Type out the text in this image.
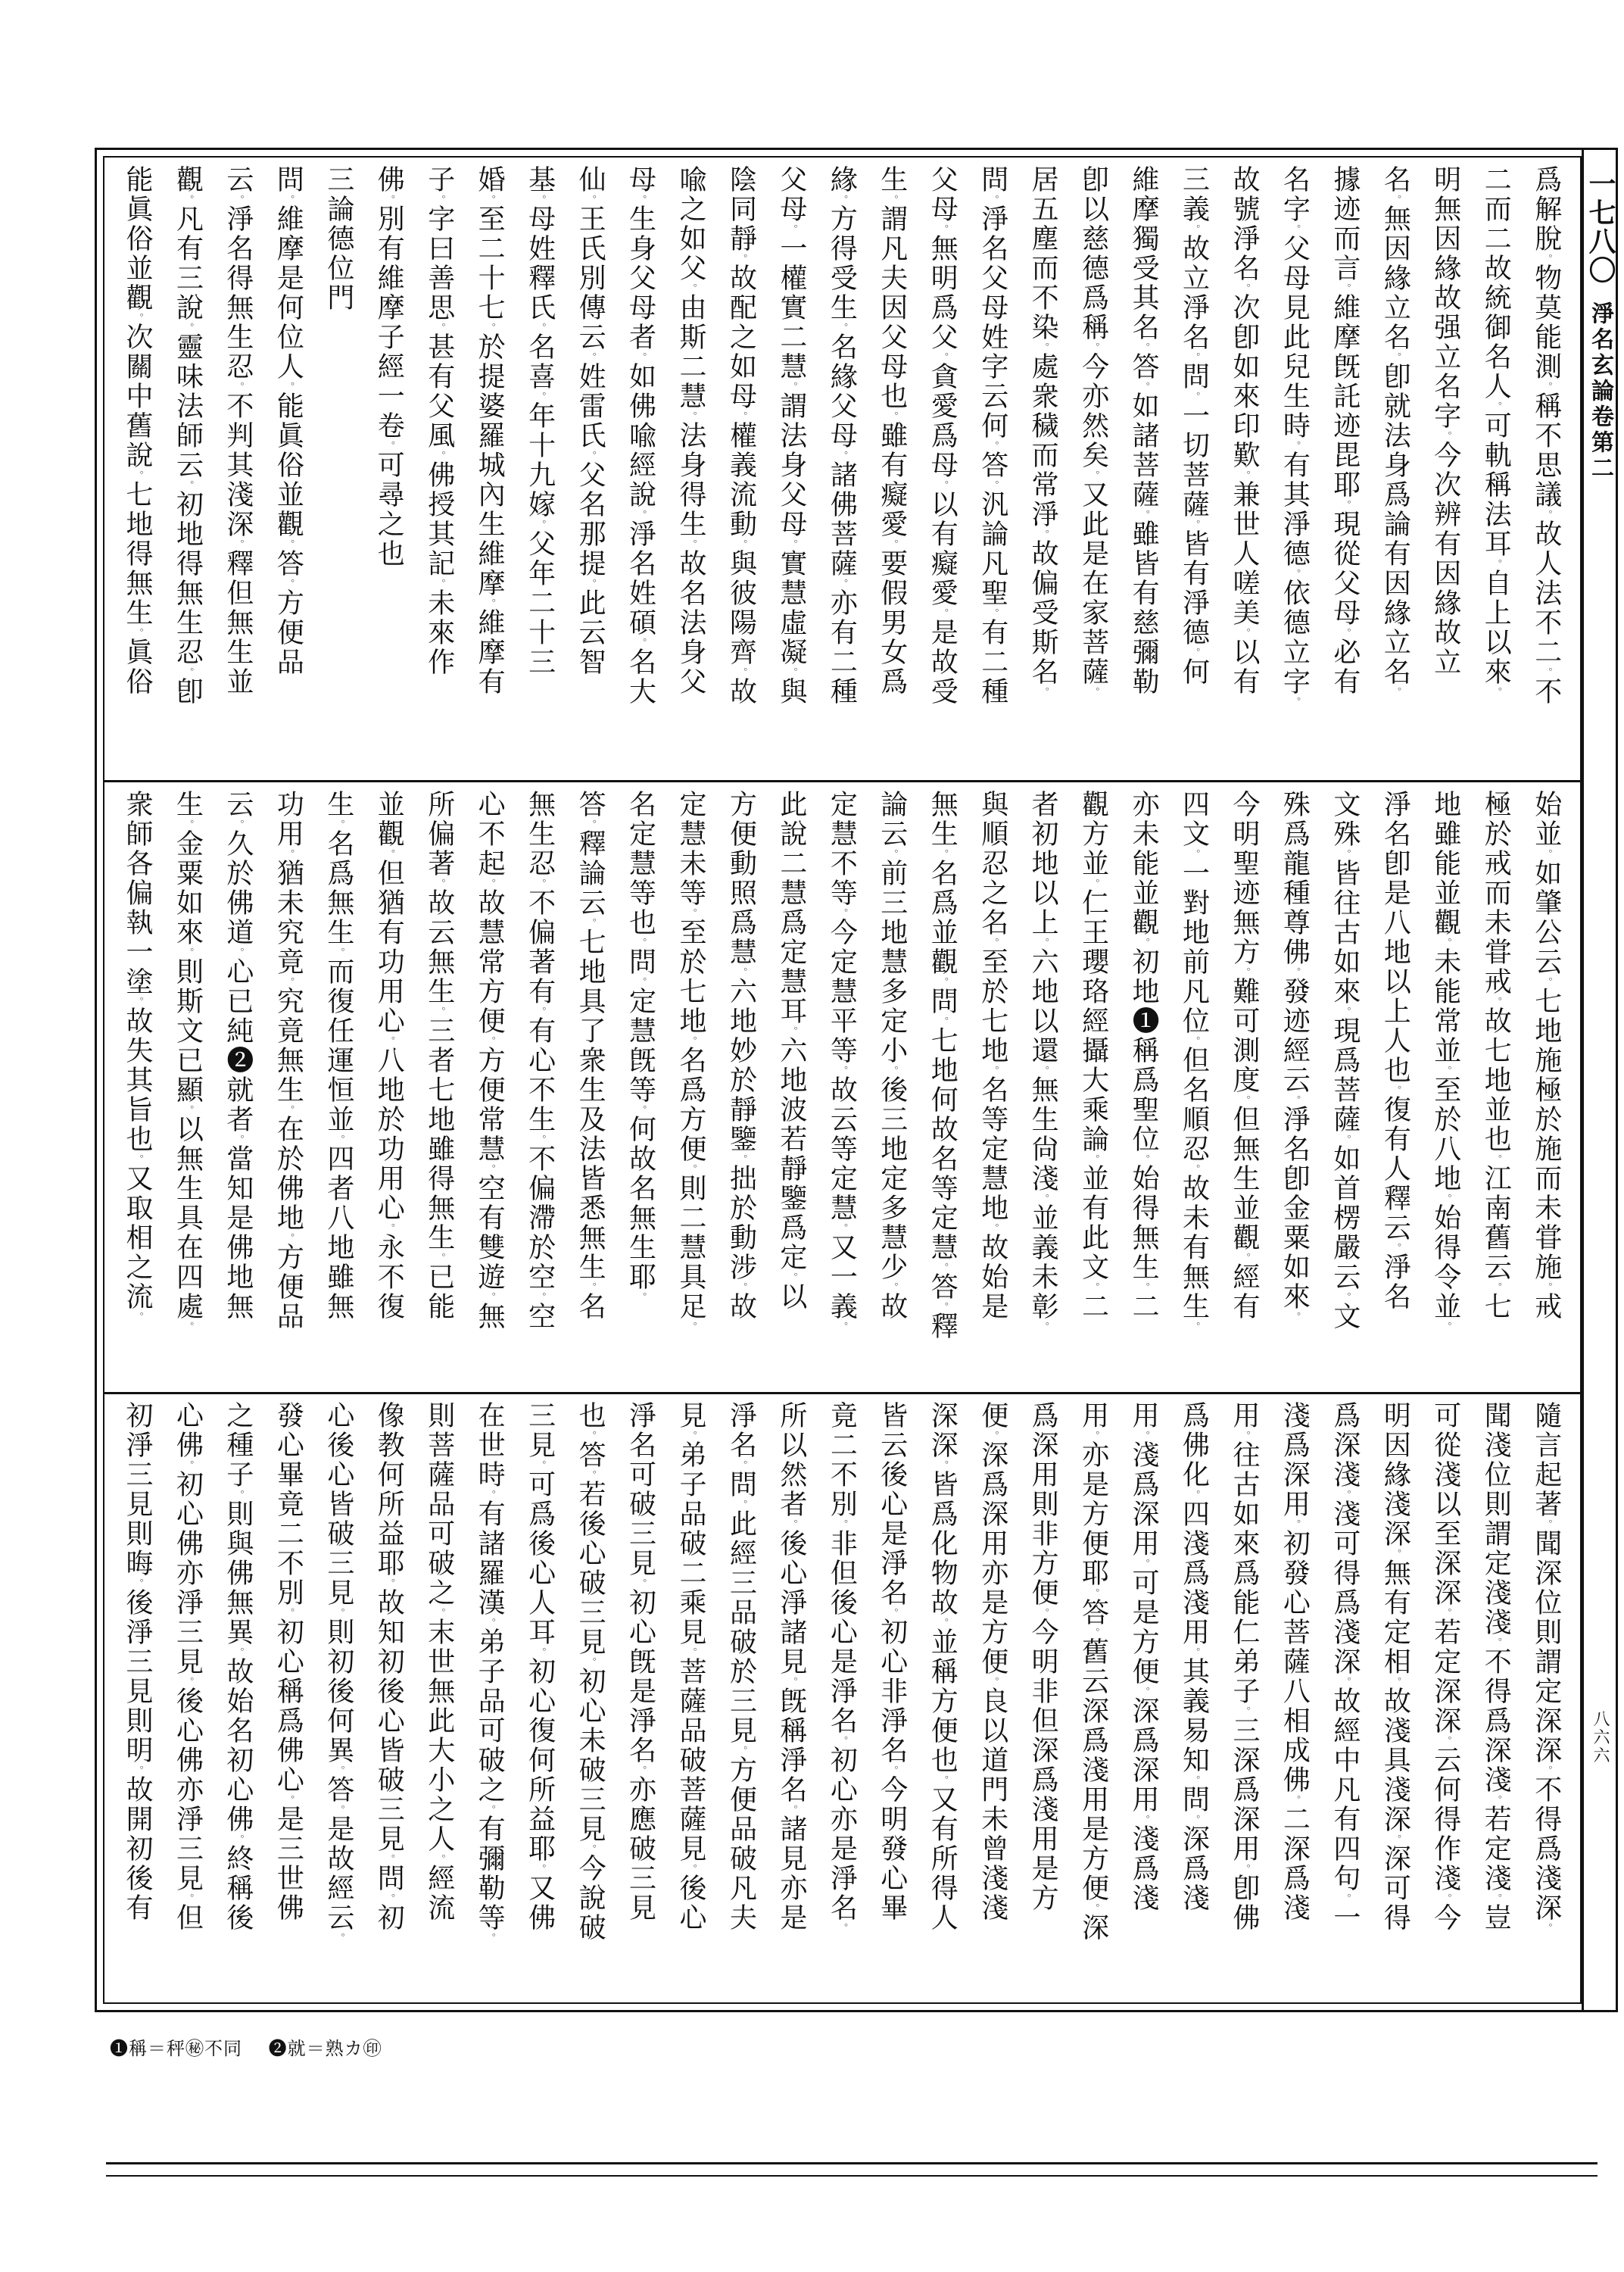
爲解脫。物莫能測。稱不思議。故人法不二。不
二而二故統御名人。可軌稱法耳。自上以來。
明無因緣故强立名字。今次辨有因緣故立
名。無因緣立名。卽就法身爲論有因緣立名。
據迹而言。維摩旣託迹毘耶。現從父母。必有
名字。父母見此兒生時。有其淨德。依德立字。
故號淨名。次卽如來印歎。兼世人嗟美。以有
三義。故立淨名。問。一切菩薩。皆有淨德。何
維摩獨受其名。答。如諸菩薩。雖皆有慈彌勒
卽以慈德爲稱。今亦然矣。又此是在家菩薩。
居五塵而不染。處衆穢而常淨。故偏受斯名。
問。淨名父母姓字云何。答。汎論凡聖。有二種
父母。無明爲父。貪愛爲母。以有癡愛。是故受
生。謂凡夫因父母也。雖有癡愛。要假男女爲
緣。方得受生。名緣父母。諸佛菩薩。亦有二種
父母。一權實二慧。謂法身父母。實慧虛凝。與
陰同靜。故配之如母。權義流動。與彼陽齊。故
喩之如父。由斯二慧。法身得生。故名法身父
母。生身父母者。如佛喩經說。淨名姓碩。名大
仙。王氏別傳云。姓雷氏。父名那提。此云智
基。母姓釋氏。名喜。年十九嫁。父年二十三
婚。至二十七。於提婆羅城內生維摩。維摩有
子。字曰善思。甚有父風。佛授其記。未來作
佛。別有維摩子經一卷。可尋之也
三論德位門
問。維摩是何位人。能眞俗並觀。答。方便品
云。淨名得無生忍。不判其淺深。釋但無生並
觀。凡有三說。靈味法師云。初地得無生忍。卽
能眞俗並觀。次關中舊說。七地得無生。眞俗
始並。如肇公云。七地施極於施而未甞施。戒
極於戒而未甞戒。故七地並也。江南舊云。七
地雖能並觀。未能常並。至於八地。始得令並。
淨名卽是八地以上人也。復有人釋云。淨名
文殊。皆往古如來。現爲菩薩。如首楞嚴云。文
殊爲龍種尊佛。發迹經云。淨名卽金粟如來。
今明聖迹無方。難可測度。但無生並觀。經有
四文。一對地前凡位。但名順忍。故未有無生。
亦未能並觀。初地❶稱爲聖位。始得無生。二
觀方並。仁王瓔珞經攝大乘論。並有此文。二
者初地以上。六地以還。無生尙淺。並義未彰。
與順忍之名。至於七地。名等定慧地。故始是
無生。名爲並觀。問。七地何故名等定慧。答。釋
論云。前三地慧多定小。後三地定多慧少。故
定慧不等。今定慧平等。故云等定慧。又一義。
此說二慧爲定慧耳。六地波若靜鑒爲定。以
方便動照爲慧。六地妙於靜鑒。拙於動涉。故
定慧未等。至於七地。名爲方便。則二慧具足。
名定慧等也。問。定慧旣等。何故名無生耶。
答。釋論云。七地具了衆生及法皆悉無生。名
無生忍。不偏著有。有心不生。不偏滯於空。空
心不起。故慧常方便。方便常慧。空有雙遊。無
所偏著。故云無生。三者七地雖得無生。已能
並觀。但猶有功用心。八地於功用心。永不復
生。名爲無生。而復任運恒並。四者八地雖無
功用。猶未究竟。究竟無生。在於佛地。方便品
云。久於佛道。心已純❷就者。當知是佛地無
生。金粟如來。則斯文已顯。以無生具在四處。
衆師各偏執一塗。故失其旨也。又取相之流。
隨言起著。聞深位則謂定深深。不得爲淺深。
聞淺位則謂定淺淺。不得爲深淺。若定淺。豈
可從淺以至深深。若定深深。云何得作淺。今
明因緣淺深。無有定相。故淺具淺深。深可得
爲深淺。淺可得爲淺深。故經中凡有四句。一
淺爲深用。初發心菩薩八相成佛。二深爲淺
用。往古如來爲能仁弟子。三深爲深用。卽佛
爲佛化。四淺爲淺用。其義易知。問。深爲淺
用。淺爲深用。可是方便。深爲深用。淺爲淺
用。亦是方便耶。答。舊云深爲淺用是方便。深
爲深用則非方便。今明非但深爲淺用是方
便。深爲深用亦是方便。良以道門未曾淺淺
深深。皆爲化物故。並稱方便也。又有所得人
皆云後心是淨名。初心非淨名。今明發心畢
竟二不別。非但後心是淨名。初心亦是淨名。
所以然者。後心淨諸見。旣稱淨名。諸見亦是
淨名。問。此經三品破於三見。方便品破凡夫
見。弟子品破二乘見。菩薩品破菩薩見。後心
淨名可破三見。初心旣是淨名。亦應破三見
也。答。若後心破三見。初心未破三見。今說破
三見。可爲後心人耳。初心復何所益耶。又佛
在世時。有諸羅漢。弟子品可破之。有彌勒等。
則菩薩品可破之。末世無此大小之人。經流
像教何所益耶。故知初後心皆破三見。問。初
心後心皆破三見。則初後何異。答。是故經云。
發心畢竟二不別。初心稱爲佛心。是三世佛
之種子。則與佛無異。故始名初心佛。終稱後
心佛。初心佛亦淨三見。後心佛亦淨三見。但
初淨三見則晦。後淨三見則明。故開初後有
一七八〇
淨名玄論卷第二
八六六
❶稱＝秤㊙不同 ❷就＝熟カ㊞
